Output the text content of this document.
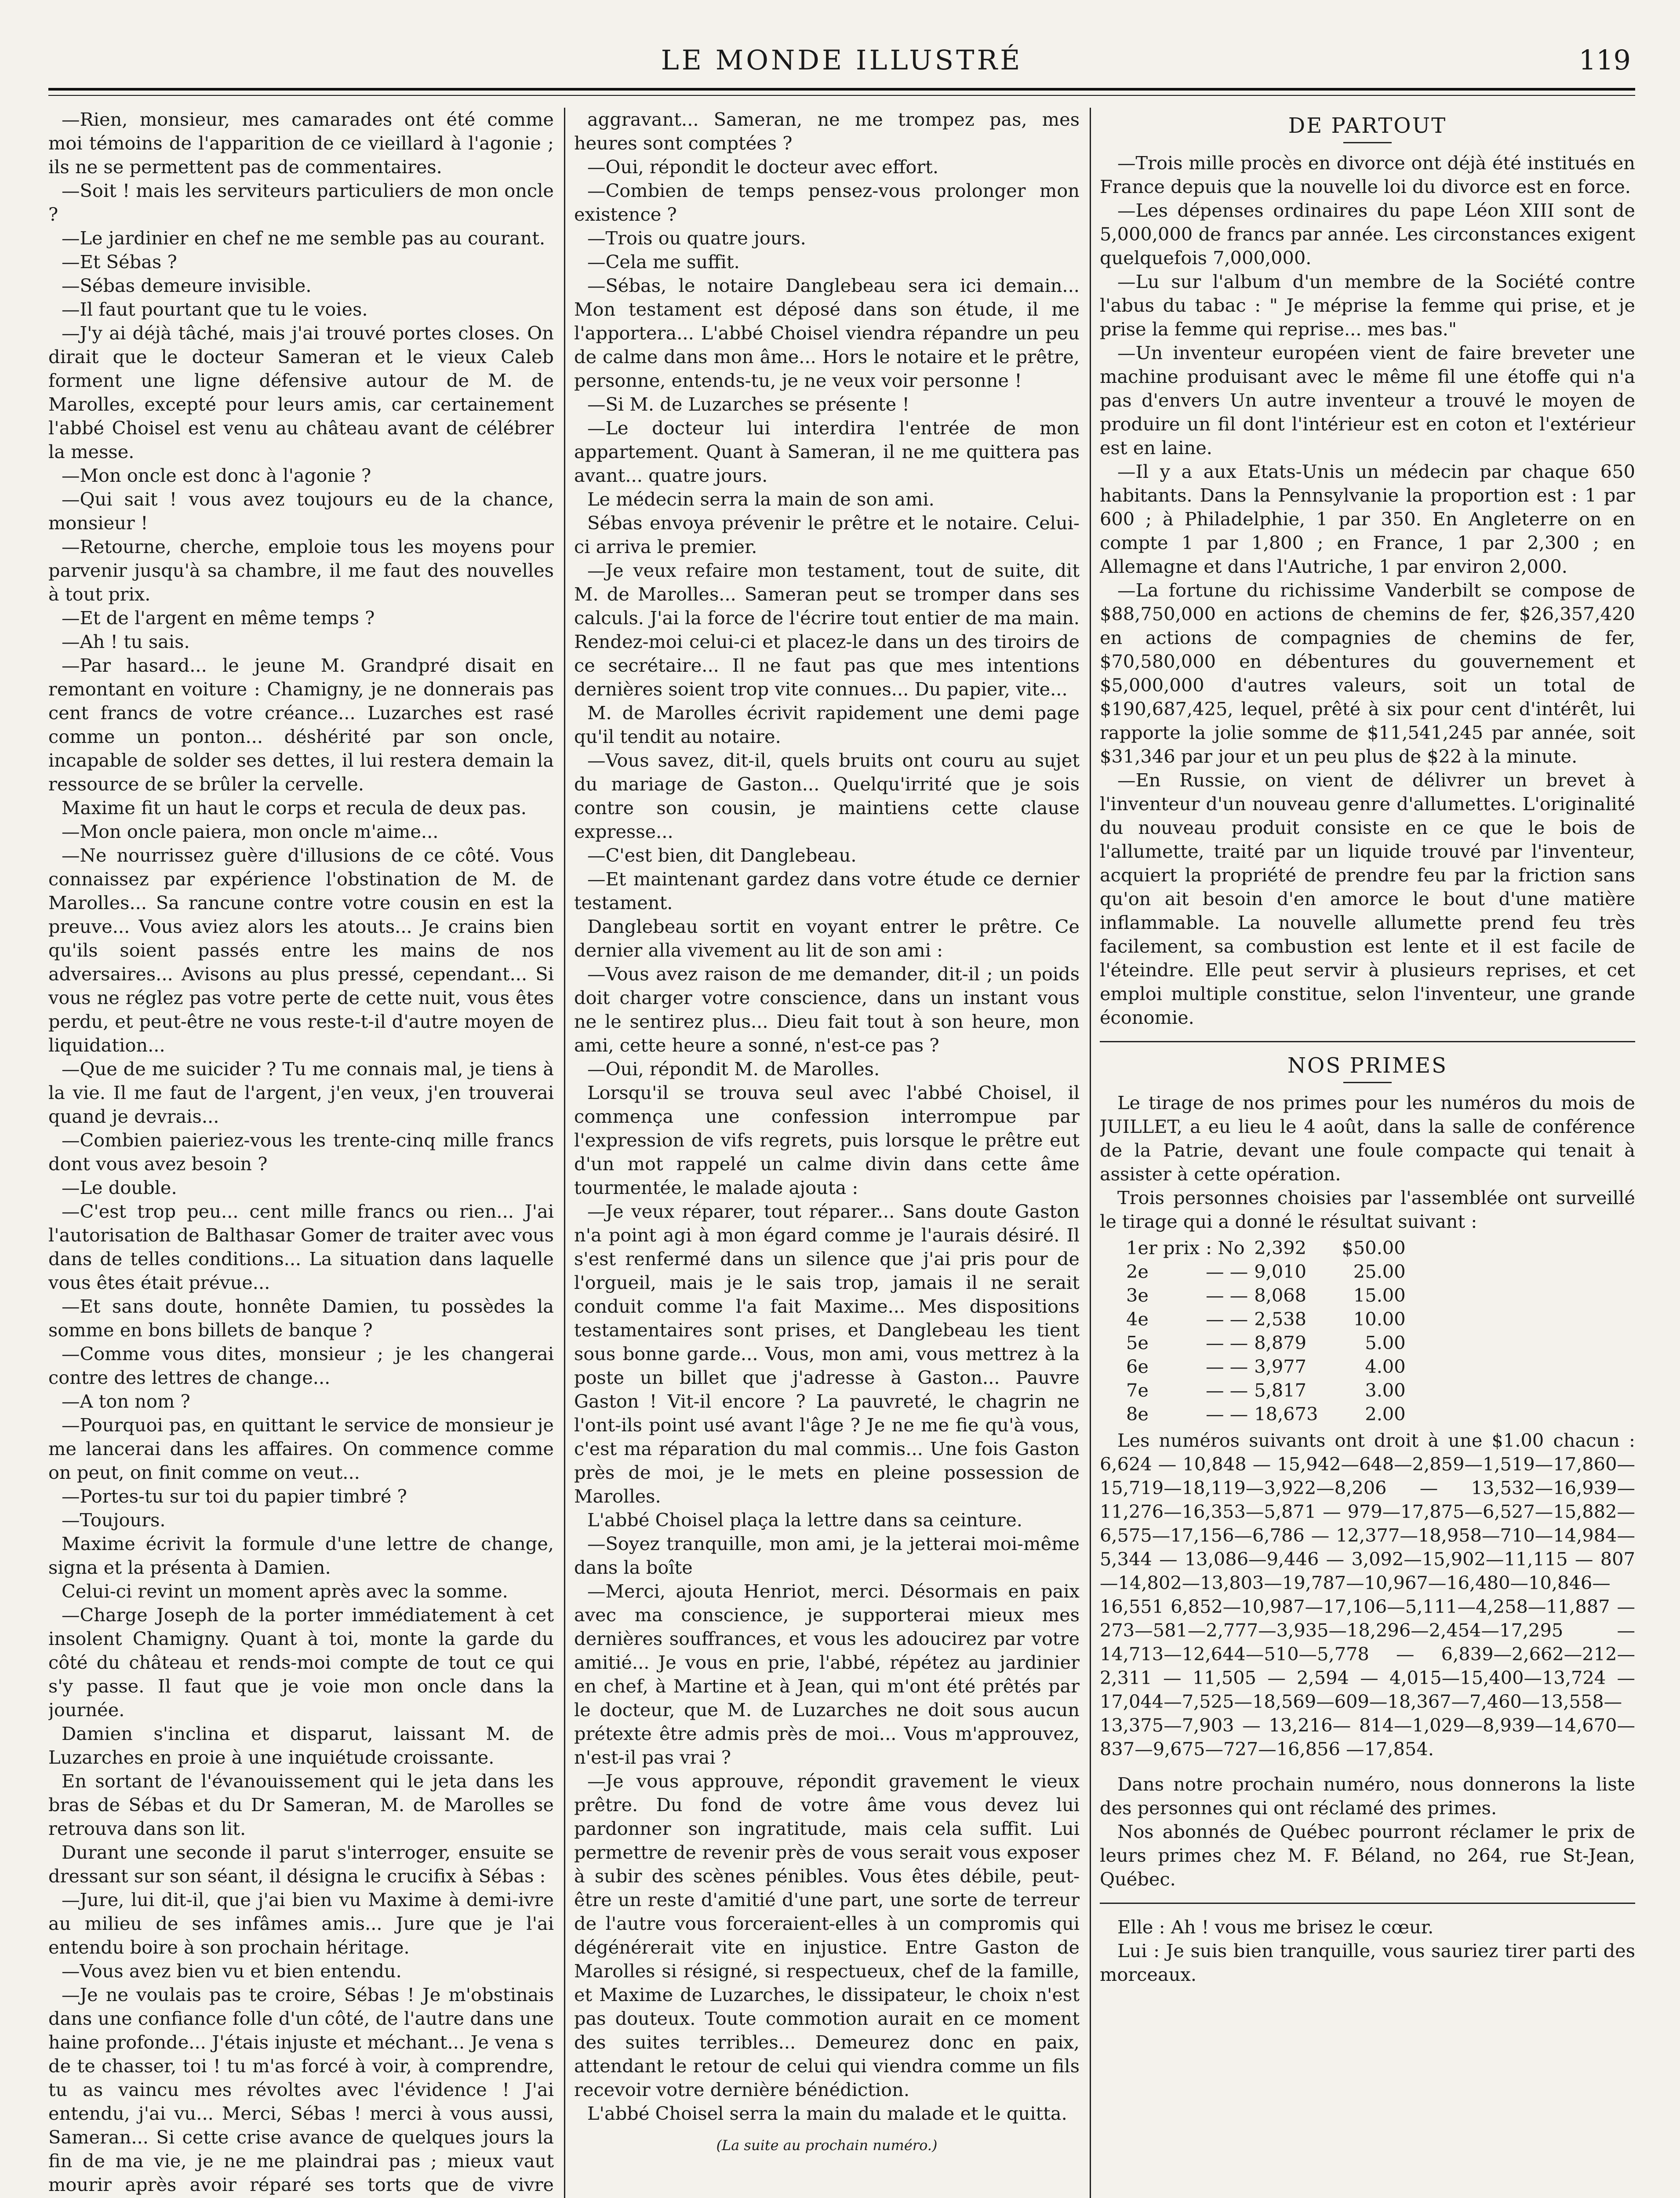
LE MONDE ILLUSTRÉ	119

—Rien, monsieur, mes camarades ont été comme moi témoins de l'apparition de ce vieillard à l'agonie ; ils ne se permettent pas de commentaires.

—Soit ! mais les serviteurs particuliers de mon oncle ?

—Le jardinier en chef ne me semble pas au courant.

—Et Sébas ?

—Sébas demeure invisible.

—Il faut pourtant que tu le voies.

—J'y ai déjà tâché, mais j'ai trouvé portes closes. On dirait que le docteur Sameran et le vieux Caleb forment une ligne défensive autour de M. de Marolles, excepté pour leurs amis, car certainement l'abbé Choisel est venu au château avant de célébrer la messe.

—Mon oncle est donc à l'agonie ?

—Qui sait ! vous avez toujours eu de la chance, monsieur !

—Retourne, cherche, emploie tous les moyens pour parvenir jusqu'à sa chambre, il me faut des nouvelles à tout prix.

—Et de l'argent en même temps ?

—Ah ! tu sais.

—Par hasard... le jeune M. Grandpré disait en remontant en voiture : Chamigny, je ne donnerais pas cent francs de votre créance... Luzarches est rasé comme un ponton... déshérité par son oncle, incapable de solder ses dettes, il lui restera demain la ressource de se brûler la cervelle.

Maxime fit un haut le corps et recula de deux pas.

—Mon oncle paiera, mon oncle m'aime...

—Ne nourrissez guère d'illusions de ce côté. Vous connaissez par expérience l'obstination de M. de Marolles... Sa rancune contre votre cousin en est la preuve... Vous aviez alors les atouts... Je crains bien qu'ils soient passés entre les mains de nos adversaires... Avisons au plus pressé, cependant... Si vous ne réglez pas votre perte de cette nuit, vous êtes perdu, et peut-être ne vous reste-t-il d'autre moyen de liquidation...

—Que de me suicider ? Tu me connais mal, je tiens à la vie. Il me faut de l'argent, j'en veux, j'en trouverai quand je devrais...

—Combien paieriez-vous les trente-cinq mille francs dont vous avez besoin ?

—Le double.

—C'est trop peu... cent mille francs ou rien... J'ai l'autorisation de Balthasar Gomer de traiter avec vous dans de telles conditions... La situation dans laquelle vous êtes était prévue...

—Et sans doute, honnête Damien, tu possèdes la somme en bons billets de banque ?

—Comme vous dites, monsieur ; je les changerai contre des lettres de change...

—A ton nom ?

—Pourquoi pas, en quittant le service de monsieur je me lancerai dans les affaires. On commence comme on peut, on finit comme on veut...

—Portes-tu sur toi du papier timbré ?

—Toujours.

Maxime écrivit la formule d'une lettre de change, signa et la présenta à Damien.

Celui-ci revint un moment après avec la somme.

—Charge Joseph de la porter immédiatement à cet insolent Chamigny. Quant à toi, monte la garde du côté du château et rends-moi compte de tout ce qui s'y passe. Il faut que je voie mon oncle dans la journée.

Damien s'inclina et disparut, laissant M. de Luzarches en proie à une inquiétude croissante.

En sortant de l'évanouissement qui le jeta dans les bras de Sébas et du Dr Sameran, M. de Marolles se retrouva dans son lit.

Durant une seconde il parut s'interroger, ensuite se dressant sur son séant, il désigna le crucifix à Sébas :

—Jure, lui dit-il, que j'ai bien vu Maxime à demi-ivre au milieu de ses infâmes amis... Jure que je l'ai entendu boire à son prochain héritage.

—Vous avez bien vu et bien entendu.

—Je ne voulais pas te croire, Sébas ! Je m'obstinais dans une confiance folle d'un côté, de l'autre dans une haine profonde... J'étais injuste et méchant... Je vena s de te chasser, toi ! tu m'as forcé à voir, à comprendre, tu as vaincu mes révoltes avec l'évidence ! J'ai entendu, j'ai vu... Merci, Sébas ! merci à vous aussi, Sameran... Si cette crise avance de quelques jours la fin de ma vie, je ne me plaindrai pas ; mieux vaut mourir après avoir réparé ses torts que de vivre

aggravant... Sameran, ne me trompez pas, mes heures sont comptées ?

—Oui, répondit le docteur avec effort.

—Combien de temps pensez-vous prolonger mon existence ?

—Trois ou quatre jours.

—Cela me suffit.

—Sébas, le notaire Danglebeau sera ici demain... Mon testament est déposé dans son étude, il me l'apportera... L'abbé Choisel viendra répandre un peu de calme dans mon âme... Hors le notaire et le prêtre, personne, entends-tu, je ne veux voir personne !

—Si M. de Luzarches se présente !

—Le docteur lui interdira l'entrée de mon appartement. Quant à Sameran, il ne me quittera pas avant... quatre jours.

Le médecin serra la main de son ami.

Sébas envoya prévenir le prêtre et le notaire. Celui-ci arriva le premier.

—Je veux refaire mon testament, tout de suite, dit M. de Marolles... Sameran peut se tromper dans ses calculs. J'ai la force de l'écrire tout entier de ma main. Rendez-moi celui-ci et placez-le dans un des tiroirs de ce secrétaire... Il ne faut pas que mes intentions dernières soient trop vite connues... Du papier, vite...

M. de Marolles écrivit rapidement une demi page qu'il tendit au notaire.

—Vous savez, dit-il, quels bruits ont couru au sujet du mariage de Gaston... Quelqu'irrité que je sois contre son cousin, je maintiens cette clause expresse...

—C'est bien, dit Danglebeau.

—Et maintenant gardez dans votre étude ce dernier testament.

Danglebeau sortit en voyant entrer le prêtre. Ce dernier alla vivement au lit de son ami :

—Vous avez raison de me demander, dit-il ; un poids doit charger votre conscience, dans un instant vous ne le sentirez plus... Dieu fait tout à son heure, mon ami, cette heure a sonné, n'est-ce pas ?

—Oui, répondit M. de Marolles.

Lorsqu'il se trouva seul avec l'abbé Choisel, il commença une confession interrompue par l'expression de vifs regrets, puis lorsque le prêtre eut d'un mot rappelé un calme divin dans cette âme tourmentée, le malade ajouta :

—Je veux réparer, tout réparer... Sans doute Gaston n'a point agi à mon égard comme je l'aurais désiré. Il s'est renfermé dans un silence que j'ai pris pour de l'orgueil, mais je le sais trop, jamais il ne serait conduit comme l'a fait Maxime... Mes dispositions testamentaires sont prises, et Danglebeau les tient sous bonne garde... Vous, mon ami, vous mettrez à la poste un billet que j'adresse à Gaston... Pauvre Gaston ! Vit-il encore ? La pauvreté, le chagrin ne l'ont-ils point usé avant l'âge ? Je ne me fie qu'à vous, c'est ma réparation du mal commis... Une fois Gaston près de moi, je le mets en pleine possession de Marolles.

L'abbé Choisel plaça la lettre dans sa ceinture.

—Soyez tranquille, mon ami, je la jetterai moi-même dans la boîte

—Merci, ajouta Henriot, merci. Désormais en paix avec ma conscience, je supporterai mieux mes dernières souffrances, et vous les adoucirez par votre amitié... Je vous en prie, l'abbé, répétez au jardinier en chef, à Martine et à Jean, qui m'ont été prêtés par le docteur, que M. de Luzarches ne doit sous aucun prétexte être admis près de moi... Vous m'approuvez, n'est-il pas vrai ?

—Je vous approuve, répondit gravement le vieux prêtre. Du fond de votre âme vous devez lui pardonner son ingratitude, mais cela suffit. Lui permettre de revenir près de vous serait vous exposer à subir des scènes pénibles. Vous êtes débile, peut-être un reste d'amitié d'une part, une sorte de terreur de l'autre vous forceraient-elles à un compromis qui dégénérerait vite en injustice. Entre Gaston de Marolles si résigné, si respectueux, chef de la famille, et Maxime de Luzarches, le dissipateur, le choix n'est pas douteux. Toute commotion aurait en ce moment des suites terribles... Demeurez donc en paix, attendant le retour de celui qui viendra comme un fils recevoir votre dernière bénédiction.

L'abbé Choisel serra la main du malade et le quitta.

(La suite au prochain numéro.)
DE PARTOUT

—Trois mille procès en divorce ont déjà été institués en France depuis que la nouvelle loi du divorce est en force.

—Les dépenses ordinaires du pape Léon XIII sont de 5,000,000 de francs par année. Les circonstances exigent quelquefois 7,000,000.

—Lu sur l'album d'un membre de la Société contre l'abus du tabac : " Je méprise la femme qui prise, et je prise la femme qui reprise... mes bas."

—Un inventeur européen vient de faire breveter une machine produisant avec le même fil une étoffe qui n'a pas d'envers Un autre inventeur a trouvé le moyen de produire un fil dont l'intérieur est en coton et l'extérieur est en laine.

—Il y a aux Etats-Unis un médecin par chaque 650 habitants. Dans la Pennsylvanie la proportion est : 1 par 600 ; à Philadelphie, 1 par 350. En Angleterre on en compte 1 par 1,800 ; en France, 1 par 2,300 ; en Allemagne et dans l'Autriche, 1 par environ 2,000.

—La fortune du richissime Vanderbilt se compose de $88,750,000 en actions de chemins de fer, $26,357,420 en actions de compagnies de chemins de fer, $70,580,000 en débentures du gouvernement et $5,000,000 d'autres valeurs, soit un total de $190,687,425, lequel, prêté à six pour cent d'intérêt, lui rapporte la jolie somme de $11,541,245 par année, soit $31,346 par jour et un peu plus de $22 à la minute.

—En Russie, on vient de délivrer un brevet à l'inventeur d'un nouveau genre d'allumettes. L'originalité du nouveau produit consiste en ce que le bois de l'allumette, traité par un liquide trouvé par l'inventeur, acquiert la propriété de prendre feu par la friction sans qu'on ait besoin d'en amorce le bout d'une matière inflammable. La nouvelle allumette prend feu très facilement, sa combustion est lente et il est facile de l'éteindre. Elle peut servir à plusieurs reprises, et cet emploi multiple constitue, selon l'inventeur, une grande économie.

NOS PRIMES

Le tirage de nos primes pour les numéros du mois de JUILLET, a eu lieu le 4 août, dans la salle de conférence de la Patrie, devant une foule compacte qui tenait à assister à cette opération.

Trois personnes choisies par l'assemblée ont surveillé le tirage qui a donné le résultat suivant :

1er prix	: No	2,392	$50.00
2e	— —	9,010	25.00
3e	— —	8,068	15.00
4e	— —	2,538	10.00
5e	— —	8,879	5.00
6e	— —	3,977	4.00
7e	— —	5,817	3.00
8e	— —	18,673	2.00

Les numéros suivants ont droit à une $1.00 chacun : 6,624 — 10,848 — 15,942—648—2,859—1,519—17,860—15,719—18,119—3,922—8,206 — 13,532—16,939—11,276—16,353—5,871 — 979—17,875—6,527—15,882—6,575—17,156—6,786 — 12,377—18,958—710—14,984—5,344 — 13,086—9,446 — 3,092—15,902—11,115 — 807—14,802—13,803—19,787—10,967—16,480—10,846—16,551 6,852—10,987—17,106—5,111—4,258—11,887 — 273—581—2,777—3,935—18,296—2,454—17,295 —14,713—12,644—510—5,778 — 6,839—2,662—212— 2,311 — 11,505 — 2,594 — 4,015—15,400—13,724 — 17,044—7,525—18,569—609—18,367—7,460—13,558—13,375—7,903 — 13,216— 814—1,029—8,939—14,670—837—9,675—727—16,856 —17,854.

Dans notre prochain numéro, nous donnerons la liste des personnes qui ont réclamé des primes.

Nos abonnés de Québec pourront réclamer le prix de leurs primes chez M. F. Béland, no 264, rue St-Jean, Québec.

Elle : Ah ! vous me brisez le cœur.

Lui : Je suis bien tranquille, vous sauriez tirer parti des morceaux.
